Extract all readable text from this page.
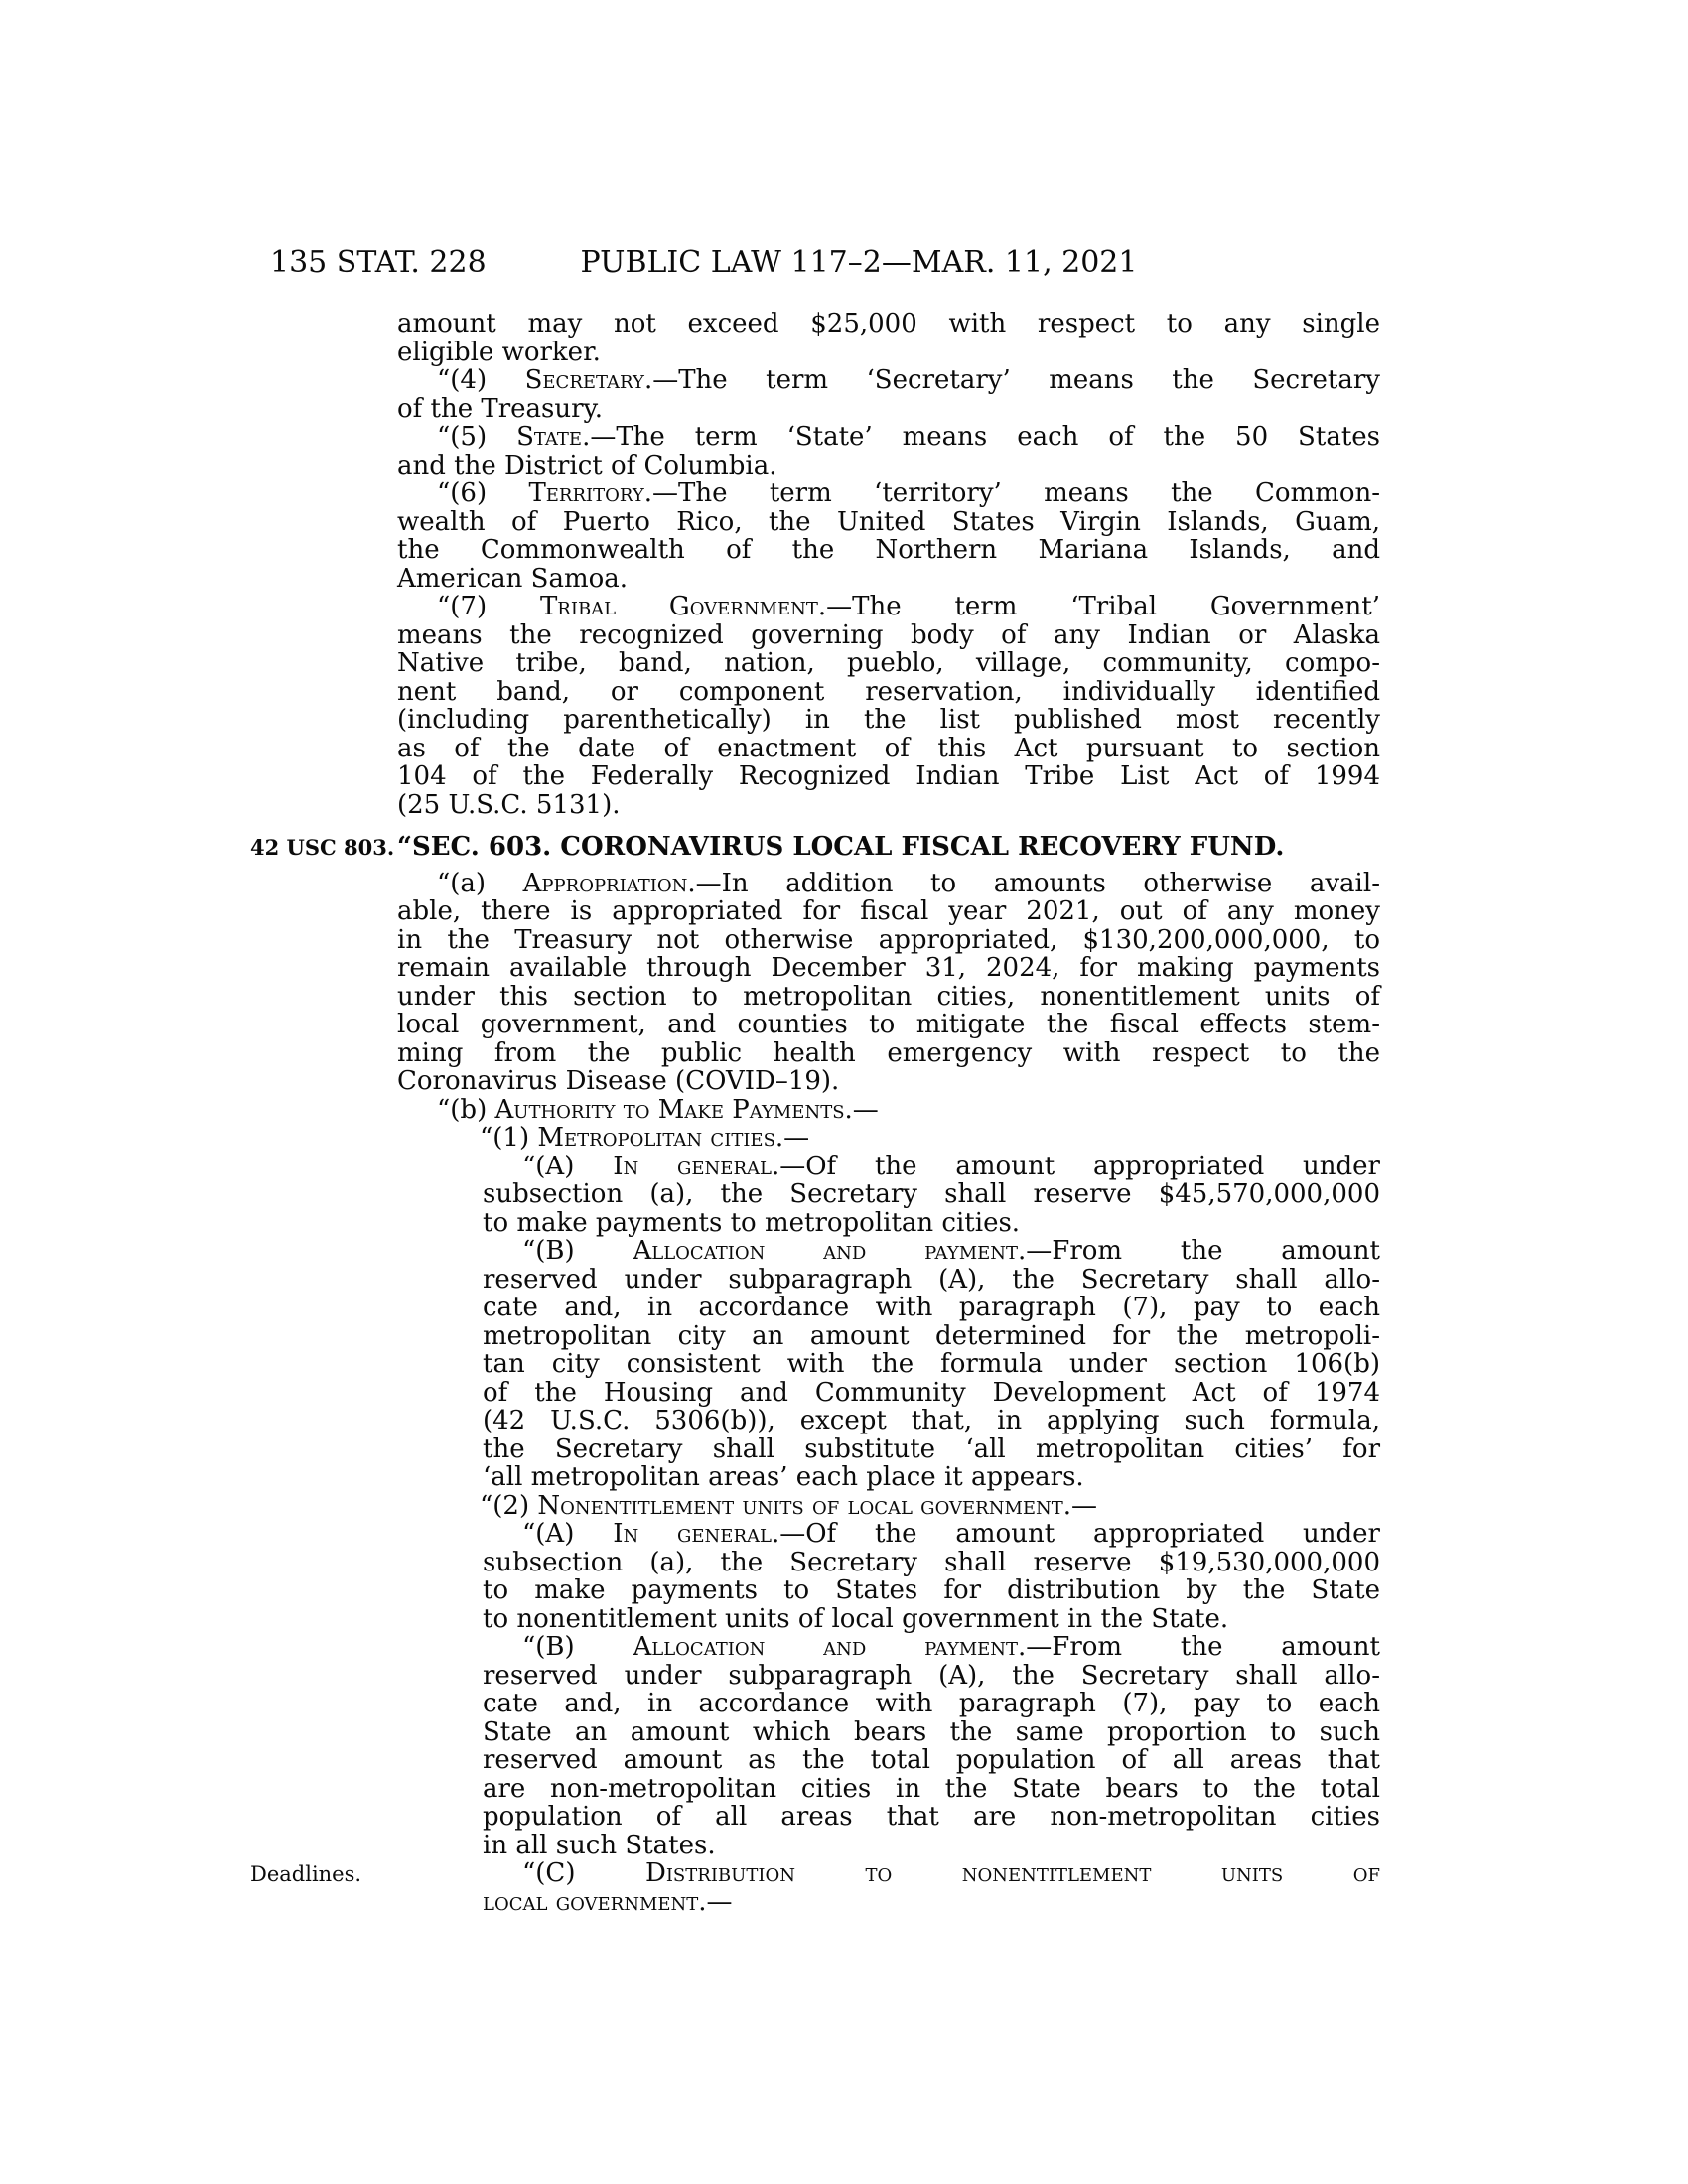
135 STAT. 228	PUBLIC LAW 117–2—MAR. 11, 2021
amount may not exceed $25,000 with respect to any single
eligible worker.
“(4) Secretary.—The term ‘Secretary’ means the Secretary
of the Treasury.
“(5) State.—The term ‘State’ means each of the 50 States
and the District of Columbia.
“(6) Territory.—The term ‘territory’ means the Common-
wealth of Puerto Rico, the United States Virgin Islands, Guam,
the Commonwealth of the Northern Mariana Islands, and
American Samoa.
“(7) Tribal Government.—The term ‘Tribal Government’
means the recognized governing body of any Indian or Alaska
Native tribe, band, nation, pueblo, village, community, compo-
nent band, or component reservation, individually identified
(including parenthetically) in the list published most recently
as of the date of enactment of this Act pursuant to section
104 of the Federally Recognized Indian Tribe List Act of 1994
(25 U.S.C. 5131).
“SEC. 603. CORONAVIRUS LOCAL FISCAL RECOVERY FUND.
42 USC 803.
“(a) Appropriation.—In addition to amounts otherwise avail-
able, there is appropriated for fiscal year 2021, out of any money
in the Treasury not otherwise appropriated, $130,200,000,000, to
remain available through December 31, 2024, for making payments
under this section to metropolitan cities, nonentitlement units of
local government, and counties to mitigate the fiscal effects stem-
ming from the public health emergency with respect to the
Coronavirus Disease (COVID–19).
“(b) Authority to Make Payments.—
“(1) Metropolitan cities.—
“(A) In general.—Of the amount appropriated under
subsection (a), the Secretary shall reserve $45,570,000,000
to make payments to metropolitan cities.
“(B) Allocation and payment.—From the amount
reserved under subparagraph (A), the Secretary shall allo-
cate and, in accordance with paragraph (7), pay to each
metropolitan city an amount determined for the metropoli-
tan city consistent with the formula under section 106(b)
of the Housing and Community Development Act of 1974
(42 U.S.C. 5306(b)), except that, in applying such formula,
the Secretary shall substitute ‘all metropolitan cities’ for
‘all metropolitan areas’ each place it appears.
“(2) Nonentitlement units of local government.—
“(A) In general.—Of the amount appropriated under
subsection (a), the Secretary shall reserve $19,530,000,000
to make payments to States for distribution by the State
to nonentitlement units of local government in the State.
“(B) Allocation and payment.—From the amount
reserved under subparagraph (A), the Secretary shall allo-
cate and, in accordance with paragraph (7), pay to each
State an amount which bears the same proportion to such
reserved amount as the total population of all areas that
are non-metropolitan cities in the State bears to the total
population of all areas that are non-metropolitan cities
in all such States.
“(C) Distribution to nonentitlement units of
local government.—
Deadlines.
